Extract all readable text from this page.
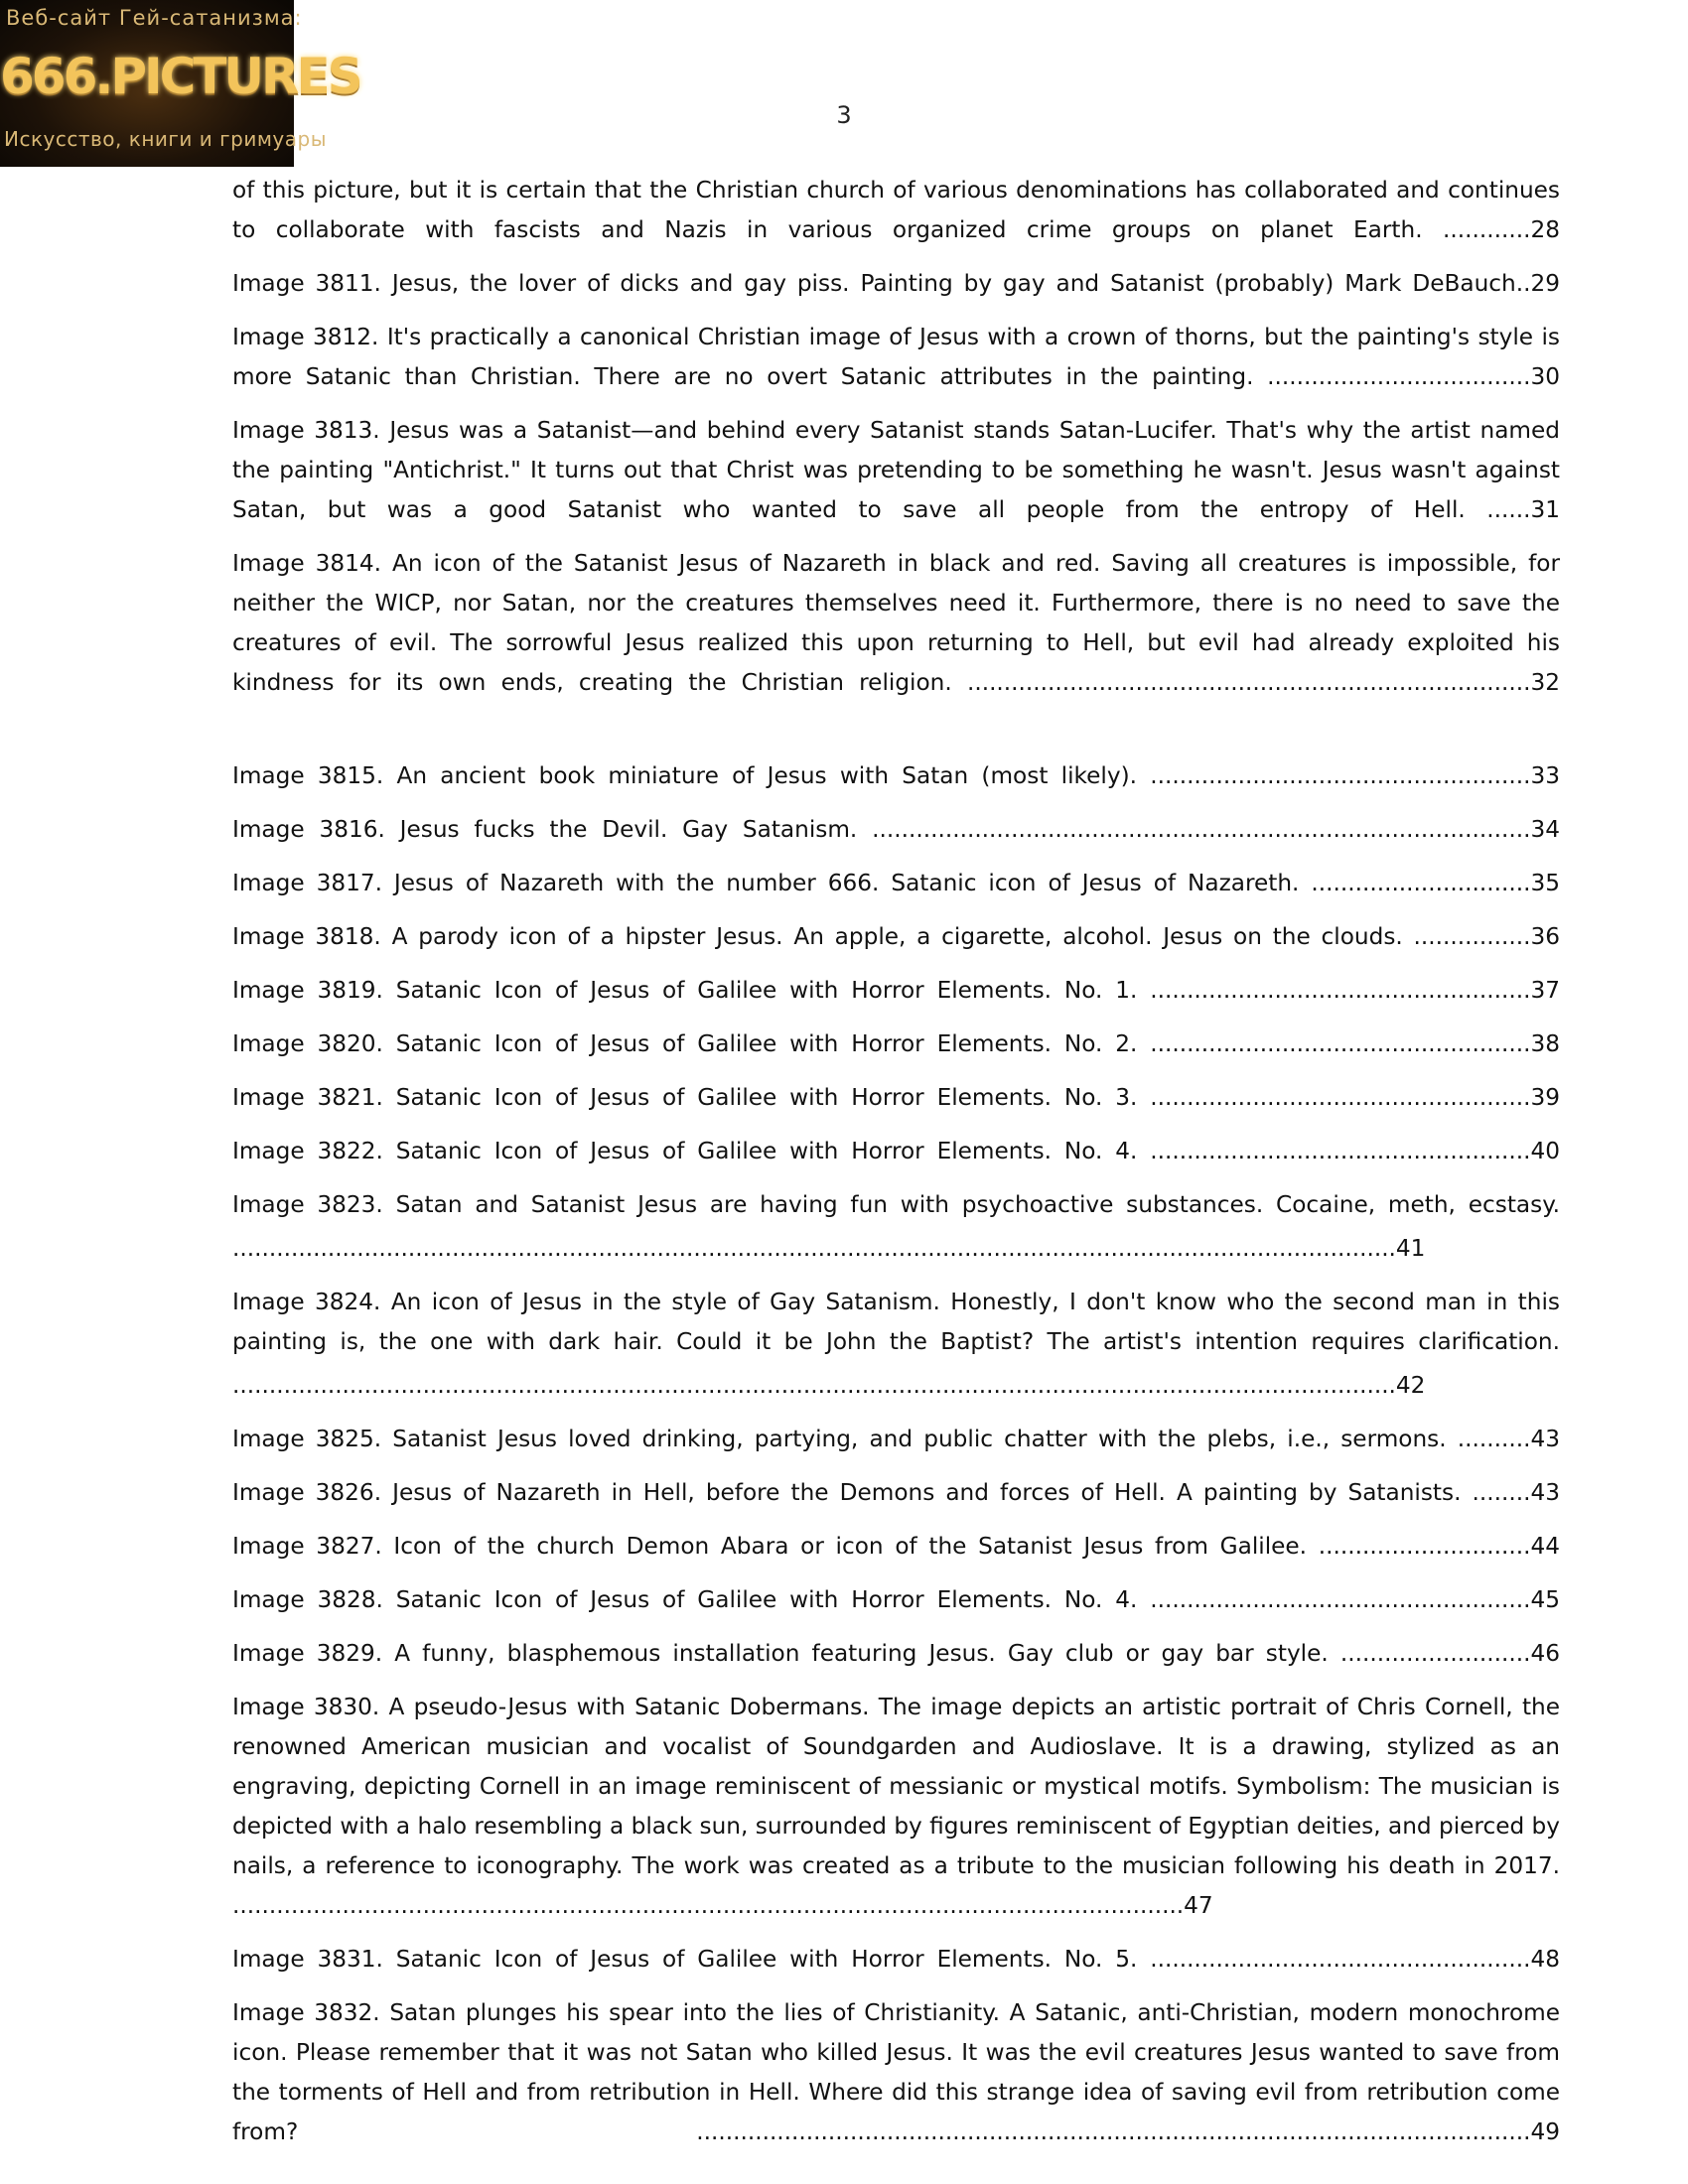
Веб-сайт Гей-сатанизма:
666.PICTURES
Искусство, книги и гримуары
3

of this picture, but it is certain that the Christian church of various denominations has collaborated and continues to collaborate with fascists and Nazis in various organized crime groups on planet Earth. ............28

Image 3811. Jesus, the lover of dicks and gay piss. Painting by gay and Satanist (probably) Mark DeBauch..29

Image 3812. It's practically a canonical Christian image of Jesus with a crown of thorns, but the painting's style is more Satanic than Christian. There are no overt Satanic attributes in the painting. ....................................30

Image 3813. Jesus was a Satanist—and behind every Satanist stands Satan-Lucifer. That's why the artist named the painting "Antichrist." It turns out that Christ was pretending to be something he wasn't. Jesus wasn't against Satan, but was a good Satanist who wanted to save all people from the entropy of Hell. ......31

Image 3814. An icon of the Satanist Jesus of Nazareth in black and red. Saving all creatures is impossible, for neither the WICP, nor Satan, nor the creatures themselves need it. Furthermore, there is no need to save the creatures of evil. The sorrowful Jesus realized this upon returning to Hell, but evil had already exploited his kindness for its own ends, creating the Christian religion. .............................................................................32

Image 3815. An ancient book miniature of Jesus with Satan (most likely). ....................................................33

Image 3816. Jesus fucks the Devil. Gay Satanism. ..........................................................................................34

Image 3817. Jesus of Nazareth with the number 666. Satanic icon of Jesus of Nazareth. ..............................35

Image 3818. A parody icon of a hipster Jesus. An apple, a cigarette, alcohol. Jesus on the clouds. ................36

Image 3819. Satanic Icon of Jesus of Galilee with Horror Elements. No. 1. ....................................................37

Image 3820. Satanic Icon of Jesus of Galilee with Horror Elements. No. 2. ....................................................38

Image 3821. Satanic Icon of Jesus of Galilee with Horror Elements. No. 3. ....................................................39

Image 3822. Satanic Icon of Jesus of Galilee with Horror Elements. No. 4. ....................................................40

Image 3823. Satan and Satanist Jesus are having fun with psychoactive substances. Cocaine, meth, ecstasy.

...............................................................................................................................................................41

Image 3824. An icon of Jesus in the style of Gay Satanism. Honestly, I don't know who the second man in this painting is, the one with dark hair. Could it be John the Baptist? The artist's intention requires clarification.

...............................................................................................................................................................42

Image 3825. Satanist Jesus loved drinking, partying, and public chatter with the plebs, i.e., sermons. ..........43

Image 3826. Jesus of Nazareth in Hell, before the Demons and forces of Hell. A painting by Satanists. ........43

Image 3827. Icon of the church Demon Abara or icon of the Satanist Jesus from Galilee. .............................44

Image 3828. Satanic Icon of Jesus of Galilee with Horror Elements. No. 4. ....................................................45

Image 3829. A funny, blasphemous installation featuring Jesus. Gay club or gay bar style. ..........................46

Image 3830. A pseudo-Jesus with Satanic Dobermans. The image depicts an artistic portrait of Chris Cornell, the renowned American musician and vocalist of Soundgarden and Audioslave. It is a drawing, stylized as an engraving, depicting Cornell in an image reminiscent of messianic or mystical motifs. Symbolism: The musician is depicted with a halo resembling a black sun, surrounded by figures reminiscent of Egyptian deities, and pierced by nails, a reference to iconography. The work was created as a tribute to the musician following his death in 2017. ..................................................................................................................................47

Image 3831. Satanic Icon of Jesus of Galilee with Horror Elements. No. 5. ....................................................48

Image 3832. Satan plunges his spear into the lies of Christianity. A Satanic, anti-Christian, modern monochrome icon. Please remember that it was not Satan who killed Jesus. It was the evil creatures Jesus wanted to save from the torments of Hell and from retribution in Hell. Where did this strange idea of saving evil from retribution come from? ..................................................................................................................49
